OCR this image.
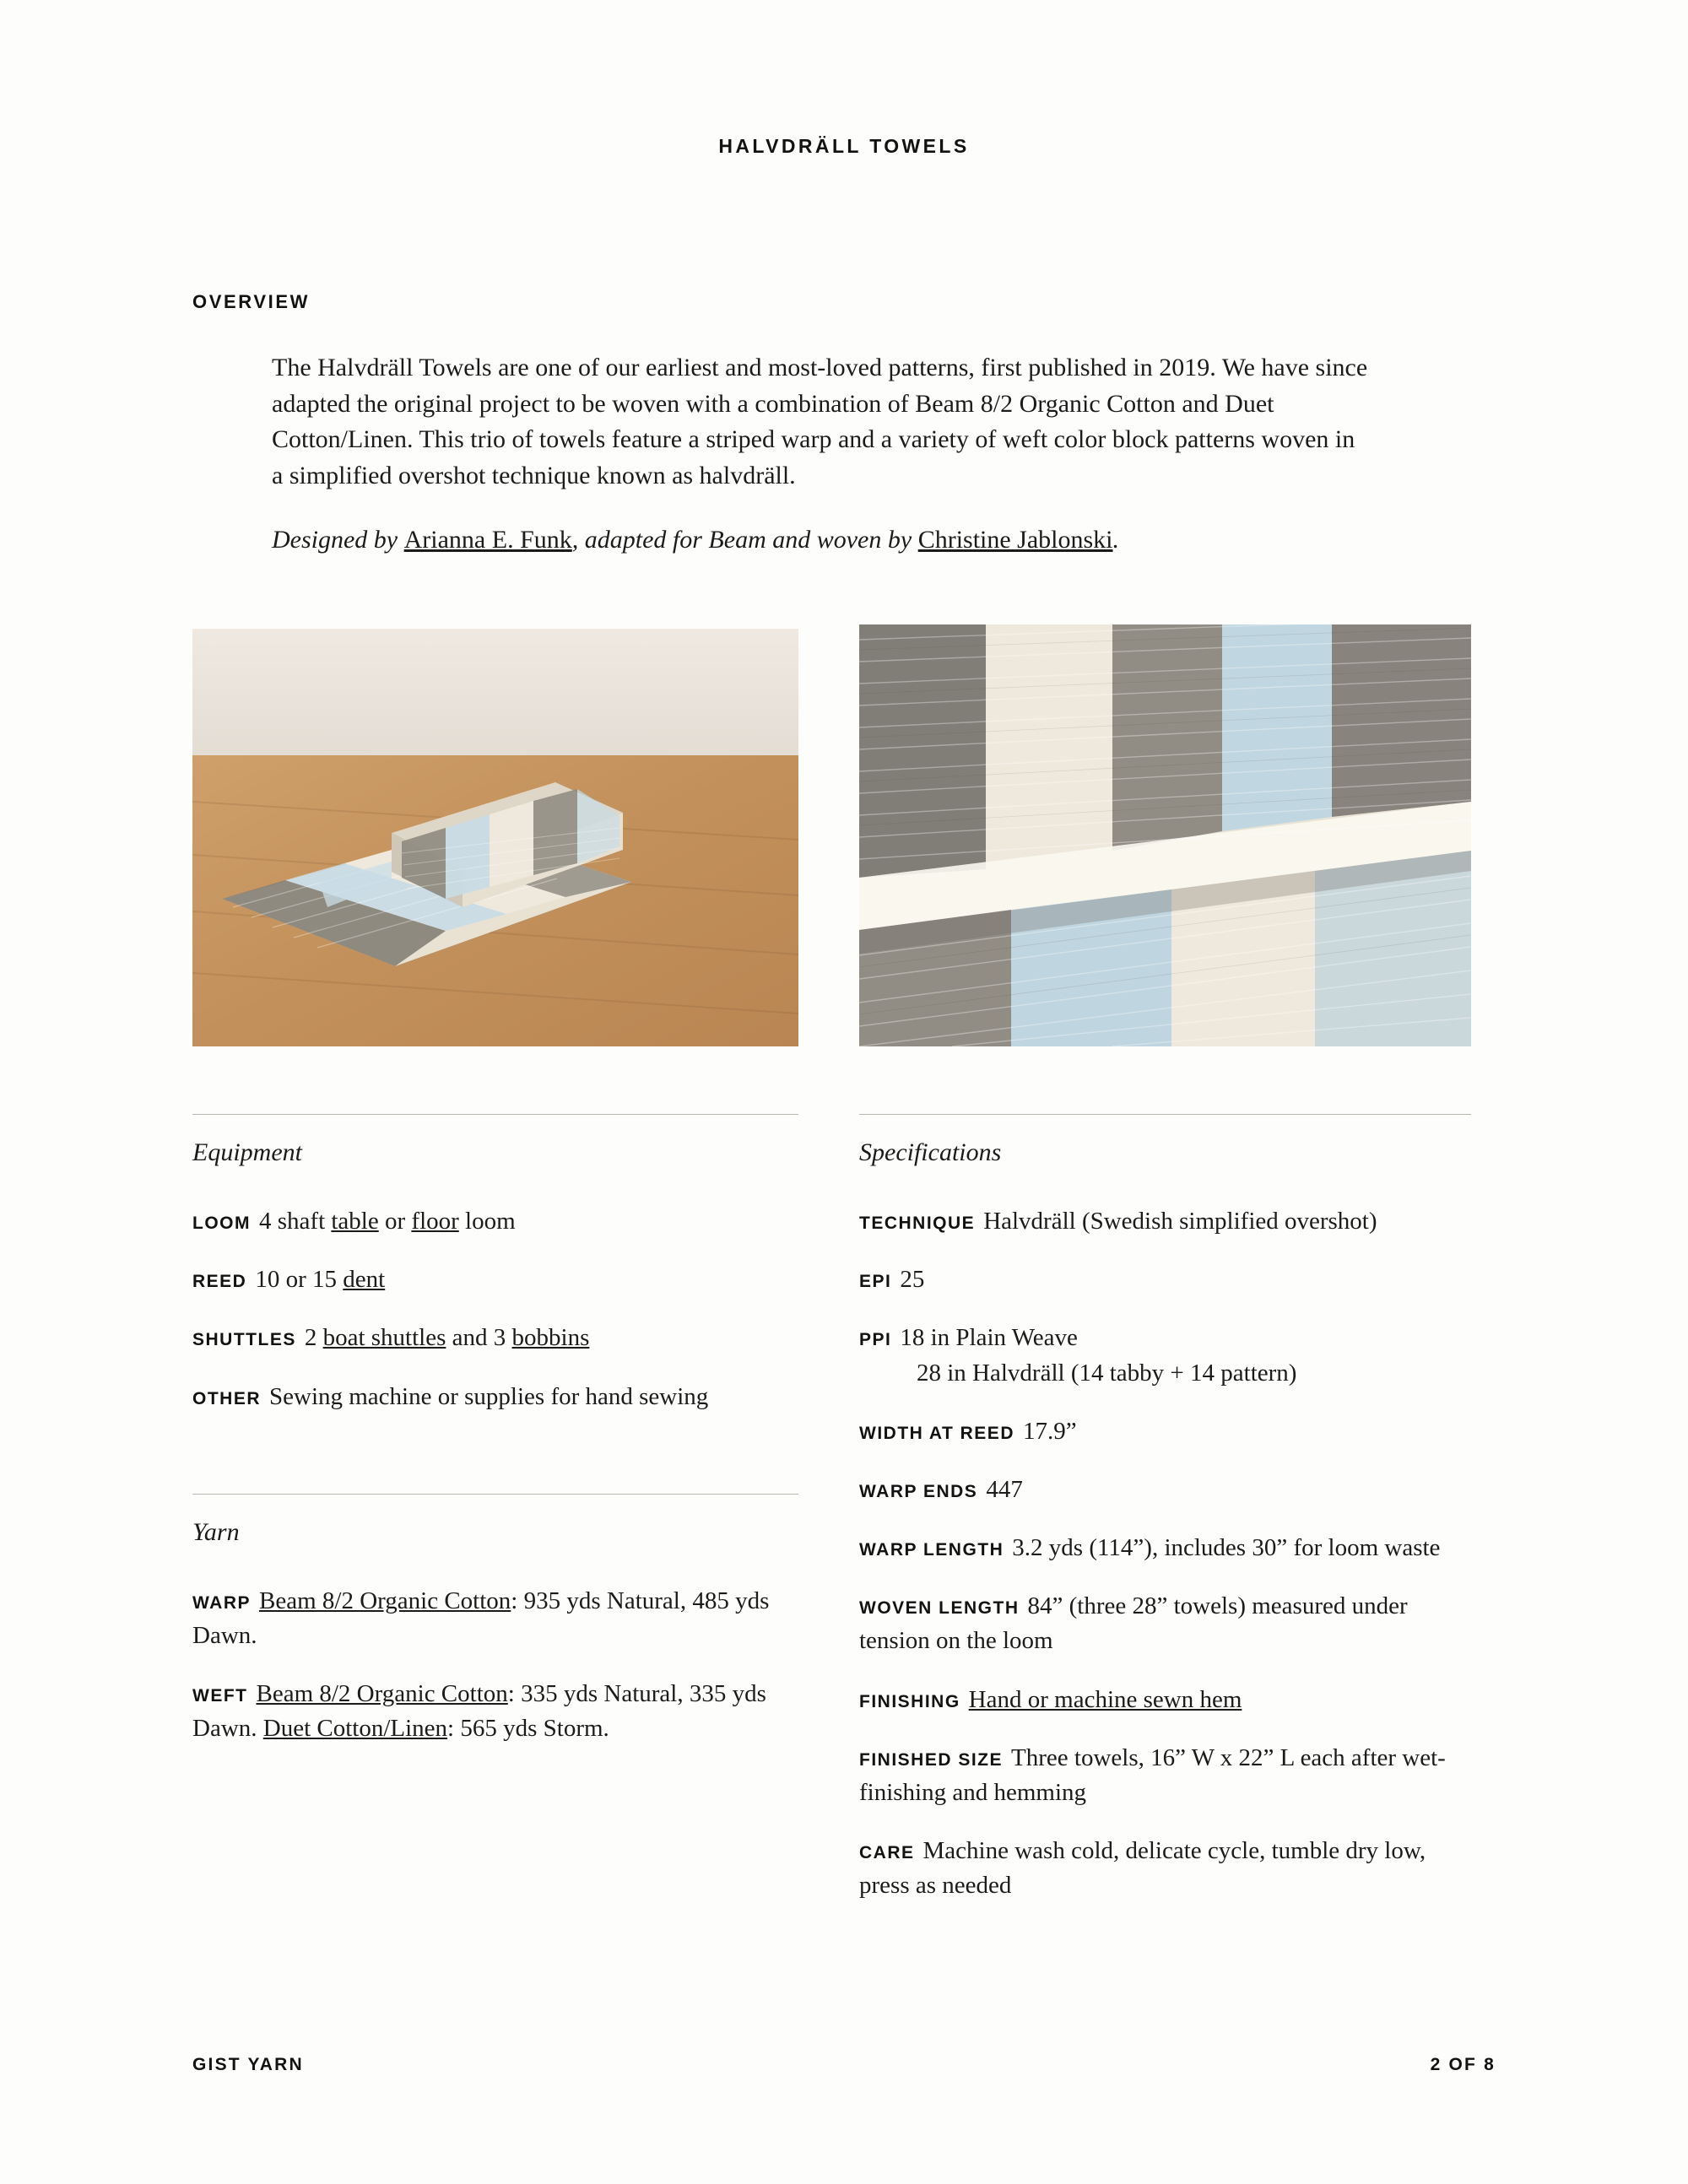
HALVDRÄLL TOWELS
OVERVIEW

The Halvdräll Towels are one of our earliest and most-loved patterns, first published in 2019. We have since adapted the original project to be woven with a combination of Beam 8/2 Organic Cotton and Duet Cotton/Linen. This trio of towels feature a striped warp and a variety of weft color block patterns woven in a simplified overshot technique known as halvdräll.

Designed by Arianna E. Funk, adapted for Beam and woven by Christine Jablonski.

Equipment
LOOM 4 shaft table or floor loom
REED 10 or 15 dent
SHUTTLES 2 boat shuttles and 3 bobbins
OTHER Sewing machine or supplies for hand sewing
Yarn
WARP Beam 8/2 Organic Cotton: 935 yds Natural, 485 yds Dawn.
WEFT Beam 8/2 Organic Cotton: 335 yds Natural, 335 yds Dawn. Duet Cotton/Linen: 565 yds Storm.
Specifications
TECHNIQUE Halvdräll (Swedish simplified overshot)
EPI 25
PPI 18 in Plain Weave
28 in Halvdräll (14 tabby + 14 pattern)
WIDTH AT REED 17.9”
WARP ENDS 447
WARP LENGTH 3.2 yds (114”), includes 30” for loom waste
WOVEN LENGTH 84” (three 28” towels) measured under tension on the loom
FINISHING Hand or machine sewn hem
FINISHED SIZE Three towels, 16” W x 22” L each after wet-finishing and hemming
CARE Machine wash cold, delicate cycle, tumble dry low, press as needed
GIST YARN	2 OF 8
